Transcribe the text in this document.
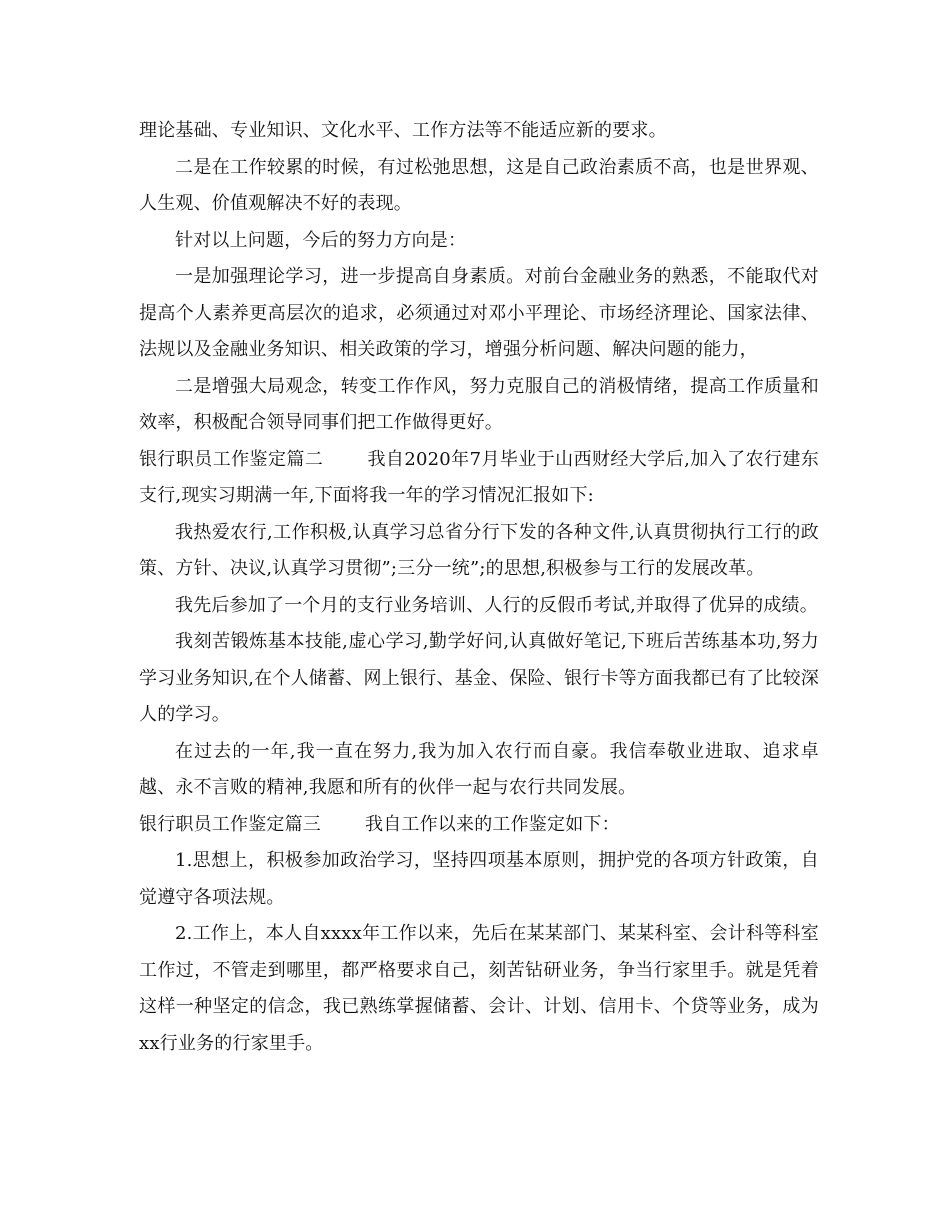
理论基础、专业知识、文化水平、工作方法等不能适应新的要求。

二是在工作较累的时候，有过松弛思想，这是自己政治素质不高，也是世界观、人生观、价值观解决不好的表现。

针对以上问题，今后的努力方向是：

一是加强理论学习，进一步提高自身素质。对前台金融业务的熟悉，不能取代对提高个人素养更高层次的追求，必须通过对邓小平理论、市场经济理论、国家法律、法规以及金融业务知识、相关政策的学习，增强分析问题、解决问题的能力，

二是增强大局观念，转变工作作风，努力克服自己的消极情绪，提高工作质量和效率，积极配合领导同事们把工作做得更好。

银行职员工作鉴定篇二 我自2020年7月毕业于山西财经大学后,加入了农行建东支行,现实习期满一年,下面将我一年的学习情况汇报如下:

我热爱农行,工作积极,认真学习总省分行下发的各种文件,认真贯彻执行工行的政策、方针、决议,认真学习贯彻”;三分一统”;的思想,积极参与工行的发展改革。

我先后参加了一个月的支行业务培训、人行的反假币考试,并取得了优异的成绩。

我刻苦锻炼基本技能,虚心学习,勤学好问,认真做好笔记,下班后苦练基本功,努力学习业务知识,在个人储蓄、网上银行、基金、保险、银行卡等方面我都已有了比较深人的学习。

在过去的一年,我一直在努力,我为加入农行而自豪。我信奉敬业进取、追求卓越、永不言败的精神,我愿和所有的伙伴一起与农行共同发展。

银行职员工作鉴定篇三 我自工作以来的工作鉴定如下：

1.思想上，积极参加政治学习，坚持四项基本原则，拥护党的各项方针政策，自觉遵守各项法规。

2.工作上，本人自xxxx年工作以来，先后在某某部门、某某科室、会计科等科室工作过，不管走到哪里，都严格要求自己，刻苦钻研业务，争当行家里手。就是凭着这样一种坚定的信念，我已熟练掌握储蓄、会计、计划、信用卡、个贷等业务，成为xx行业务的行家里手。
